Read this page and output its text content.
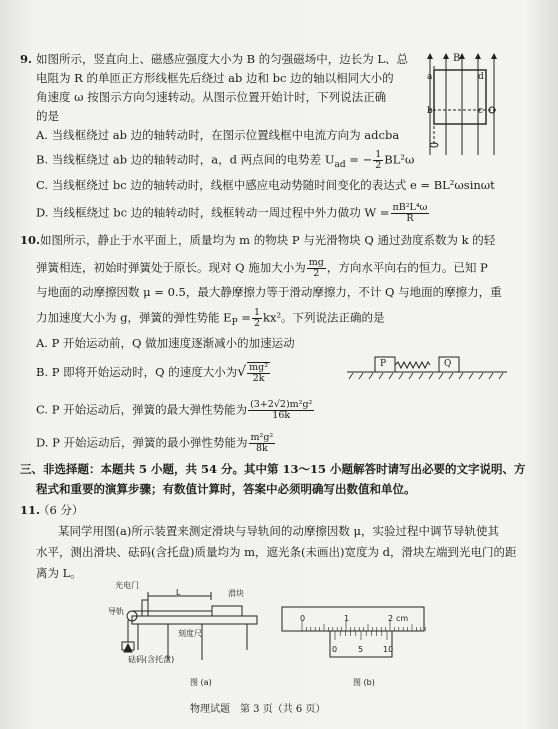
9. 如图所示，竖直向上、磁感应强度大小为 B 的匀强磁场中，边长为 L、总
电阻为 R 的单匝正方形线框先后绕过 ab 边和 bc 边的轴以相同大小的
角速度 ω 按图示方向匀速转动。从图示位置开始计时，下列说法正确
的是
A. 当线框绕过 ab 边的轴转动时，在图示位置线框中电流方向为 adcba
B. 当线框绕过 ab 边的轴转动时，a，d 两点间的电势差 $U_{ad}$ = − $\frac{1}{2} BL^2\omega$
C. 当线框绕过 bc 边的轴转动时，线框中感应电动势随时间变化的表达式 e = BL²ωsinωt
D. 当线框绕过 bc 边的轴转动时，线框转动一周过程中外力做功 $W = \frac{\text{πB²L⁴ω}}{R}$
B
a	d
b	c
10. 如图所示，静止于水平面上，质量均为 m 的物块 P 与光滑物块 Q 通过劲度系数为 k 的轻
弹簧相连，初始时弹簧处于原长。现对 Q 施加大小为 $\frac{mg}{2}$ ，方向水平向右的恒力。已知 P
与地面的动摩擦因数 μ = 0.5，最大静摩擦力等于滑动摩擦力，不计 Q 与地面的摩擦力，重
力加速度大小为 g，弹簧的弹性势能 $E_P = \frac{1}{2} kx^2$。下列说法正确的是
A. P 开始运动前，Q 做加速度逐渐减小的加速运动
B. P 即将开始运动时，Q 的速度大小为√ $\frac{\text{mg²}}{2k}$
C. P 开始运动后，弹簧的最大弹性势能为 $\frac{\text{(3+2√2)m²g²}}{16k}$
D. P 开始运动后，弹簧的最小弹性势能为 $\frac{\text{m²g²}}{8k}$
P	Q
三、非选择题：本题共 5 小题，共 54 分。其中第 13～15 小题解答时请写出必要的文字说明、方
程式和重要的演算步骤；有数值计算时，答案中必须明确写出数值和单位。
11.
（6 分）
某同学用图(a)所示装置来测定滑块与导轨间的动摩擦因数 μ，实验过程中调节导轨使其
水平，测出滑块、砝码(含托盘)质量均为 m，遮光条(未画出)宽度为 d，滑块左端到光电门的距
离为 L。
光电门
L	滑块
导轨
刻度尺
砝码(含托盘)
图 (a)
0	1	2 cm
0	5 10
图 (b)
物理试题　第 3 页（共 6 页）
